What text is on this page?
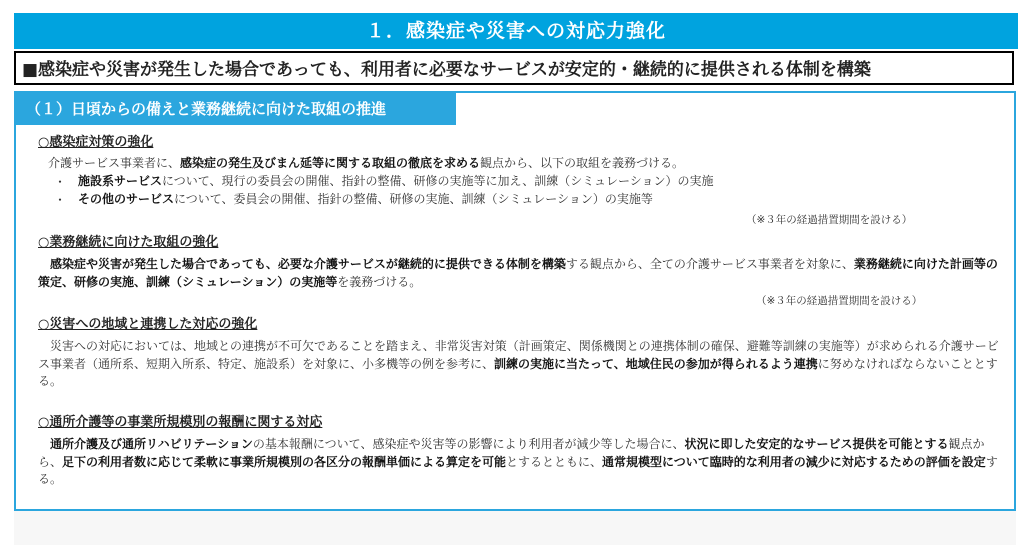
１．感染症や災害への対応力強化
■感染症や災害が発生した場合であっても、利用者に必要なサービスが安定的・継続的に提供される体制を構築
（１）日頃からの備えと業務継続に向けた取組の推進
○感染症対策の強化
介護サービス事業者に、感染症の発生及びまん延等に関する取組の徹底を求める観点から、以下の取組を義務づける。
・ 施設系サービスについて、現行の委員会の開催、指針の整備、研修の実施等に加え、訓練（シミュレーション）の実施
・ その他のサービスについて、委員会の開催、指針の整備、研修の実施、訓練（シミュレーション）の実施等
（※３年の経過措置期間を設ける）
○業務継続に向けた取組の強化
感染症や災害が発生した場合であっても、必要な介護サービスが継続的に提供できる体制を構築する観点から、全ての介護サービス事業者を対象に、業務継続に向けた計画等の策定、研修の実施、訓練（シミュレーション）の実施等を義務づける。
（※３年の経過措置期間を設ける）
○災害への地域と連携した対応の強化
災害への対応においては、地域との連携が不可欠であることを踏まえ、非常災害対策（計画策定、関係機関との連携体制の確保、避難等訓練の実施等）が求められる介護サービス事業者（通所系、短期入所系、特定、施設系）を対象に、小多機等の例を参考に、訓練の実施に当たって、地域住民の参加が得られるよう連携に努めなければならないこととする。
○通所介護等の事業所規模別の報酬に関する対応
通所介護及び通所リハビリテーションの基本報酬について、感染症や災害等の影響により利用者が減少等した場合に、状況に即した安定的なサービス提供を可能とする観点から、足下の利用者数に応じて柔軟に事業所規模別の各区分の報酬単価による算定を可能とするとともに、通常規模型について臨時的な利用者の減少に対応するための評価を設定する。
